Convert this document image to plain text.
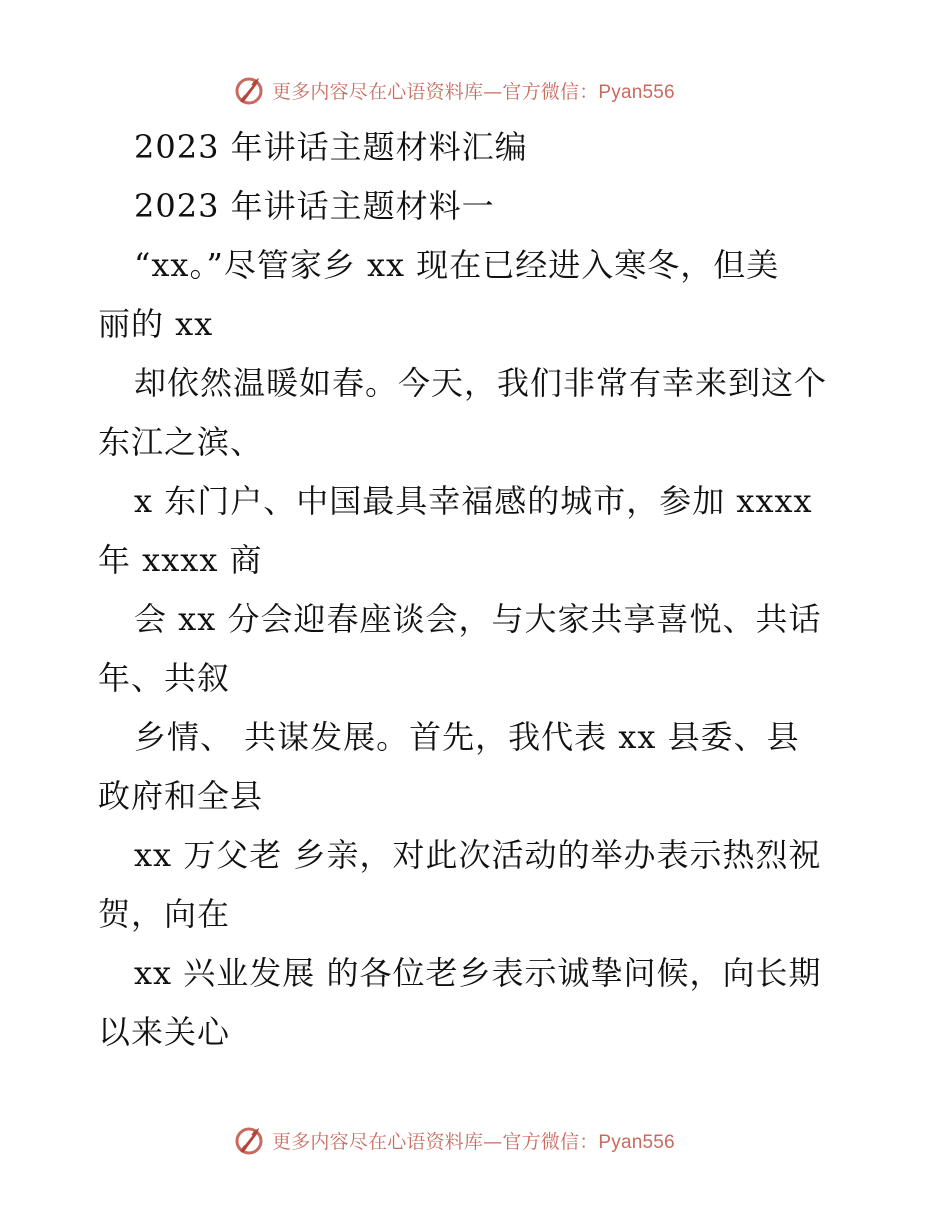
更多内容尽在心语资料库—官方微信：Pyan556
2023 年讲话主题材料汇编
2023 年讲话主题材料一
“xx。”尽管家乡 xx 现在已经进入寒冬，但美
丽的 xx
却依然温暖如春。今天，我们非常有幸来到这个
东江之滨、
x 东门户、中国最具幸福感的城市，参加 xxxx
年 xxxx 商
会 xx 分会迎春座谈会，与大家共享喜悦、共话
年、共叙
乡情、 共谋发展。首先，我代表 xx 县委、县
政府和全县
xx 万父老 乡亲，对此次活动的举办表示热烈祝
贺，向在
xx 兴业发展 的各位老乡表示诚挚问候，向长期
以来关心
更多内容尽在心语资料库—官方微信：Pyan556
